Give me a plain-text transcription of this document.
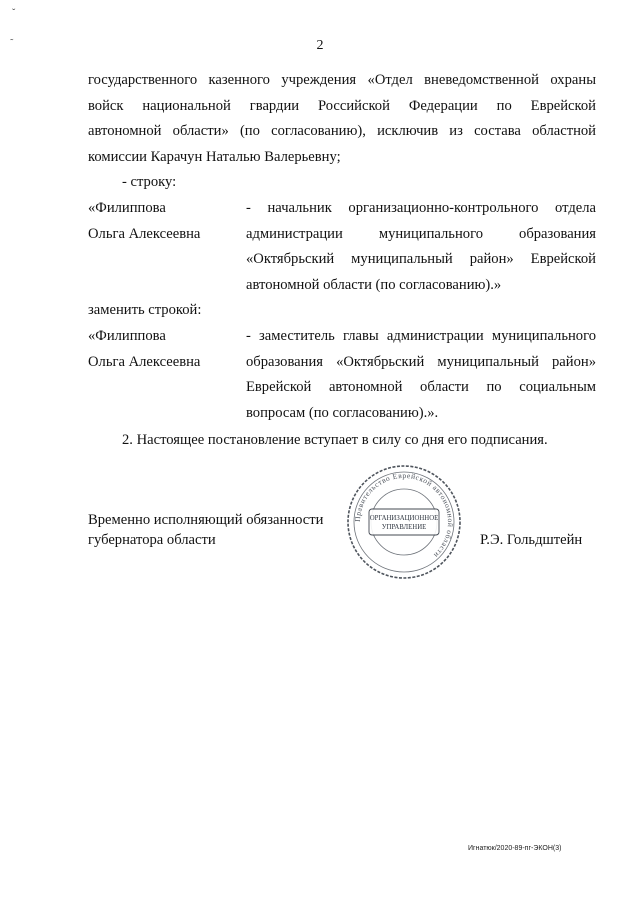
ˇ
˷
2
государственного казенного учреждения «Отдел вневедомственной охраны
войск национальной гвардии Российской Федерации по Еврейской
автономной области» (по согласованию), исключив из состава областной
комиссии Карачун Наталью Валерьевну;
- строку:
«Филиппова
Ольга Алексеевна
- начальник организационно-контрольного отдела
администрации муниципального образования
«Октябрьский муниципальный район» Еврейской
автономной области (по согласованию).»
заменить строкой:
«Филиппова
Ольга Алексеевна
- заместитель главы администрации муниципального
образования «Октябрьский муниципальный район»
Еврейской автономной области по социальным
вопросам (по согласованию).».
2. Настоящее постановление вступает в силу со дня его подписания.
Временно исполняющий обязанности
губернатора области	Р.Э. Гольдштейн
Правительство Еврейской автономной области
ОРГАНИЗАЦИОННОЕ
УПРАВЛЕНИЕ
Игнатюк/2020-89-пг-ЭКОН(3)
